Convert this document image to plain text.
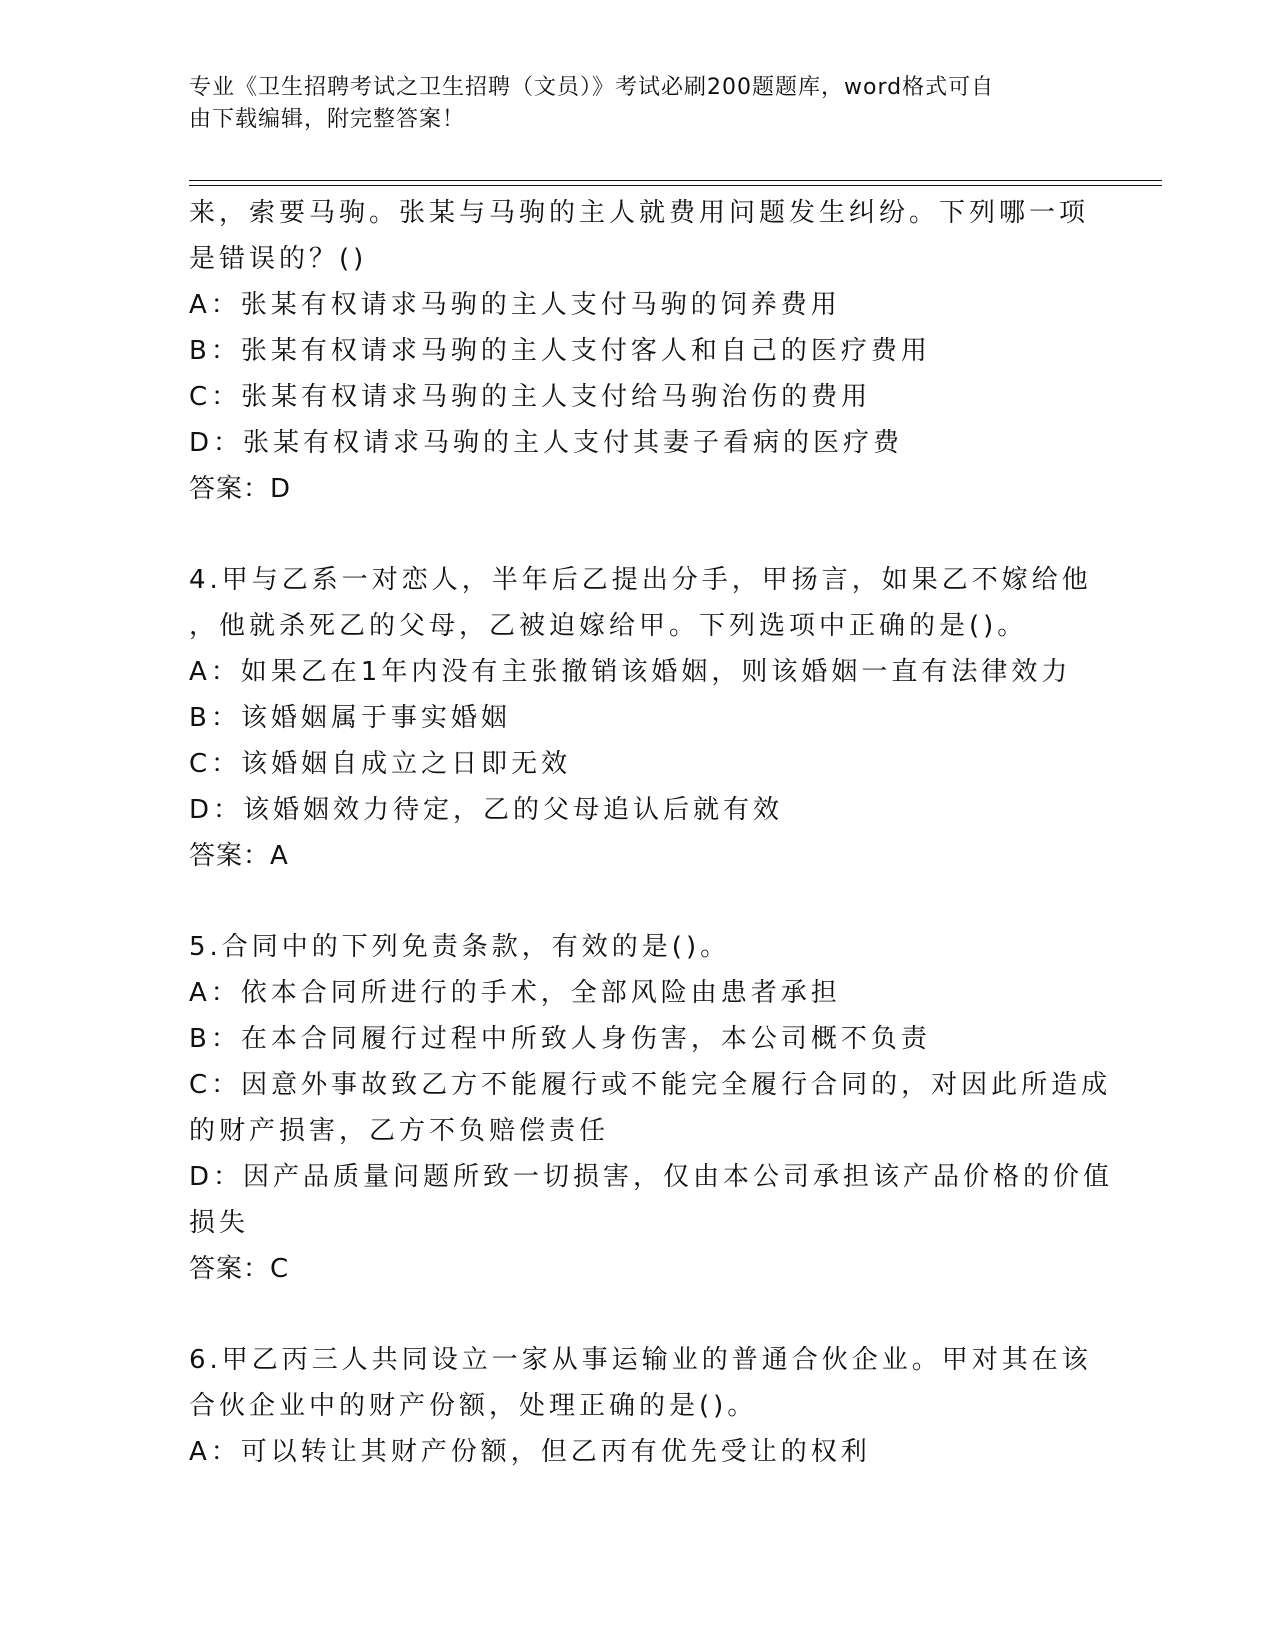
专业《卫生招聘考试之卫生招聘（文员）》考试必刷200题题库，word格式可自
由下载编辑，附完整答案！
来，索要马驹。张某与马驹的主人就费用问题发生纠纷。下列哪一项
是错误的？()
A：张某有权请求马驹的主人支付马驹的饲养费用
B：张某有权请求马驹的主人支付客人和自己的医疗费用
C：张某有权请求马驹的主人支付给马驹治伤的费用
D：张某有权请求马驹的主人支付其妻子看病的医疗费
答案：D
4.甲与乙系一对恋人，半年后乙提出分手，甲扬言，如果乙不嫁给他
，他就杀死乙的父母，乙被迫嫁给甲。下列选项中正确的是()。
A：如果乙在1年内没有主张撤销该婚姻，则该婚姻一直有法律效力
B：该婚姻属于事实婚姻
C：该婚姻自成立之日即无效
D：该婚姻效力待定，乙的父母追认后就有效
答案：A
5.合同中的下列免责条款，有效的是()。
A：依本合同所进行的手术，全部风险由患者承担
B：在本合同履行过程中所致人身伤害，本公司概不负责
C：因意外事故致乙方不能履行或不能完全履行合同的，对因此所造成
的财产损害，乙方不负赔偿责任
D：因产品质量问题所致一切损害，仅由本公司承担该产品价格的价值
损失
答案：C
6.甲乙丙三人共同设立一家从事运输业的普通合伙企业。甲对其在该
合伙企业中的财产份额，处理正确的是()。
A：可以转让其财产份额，但乙丙有优先受让的权利
